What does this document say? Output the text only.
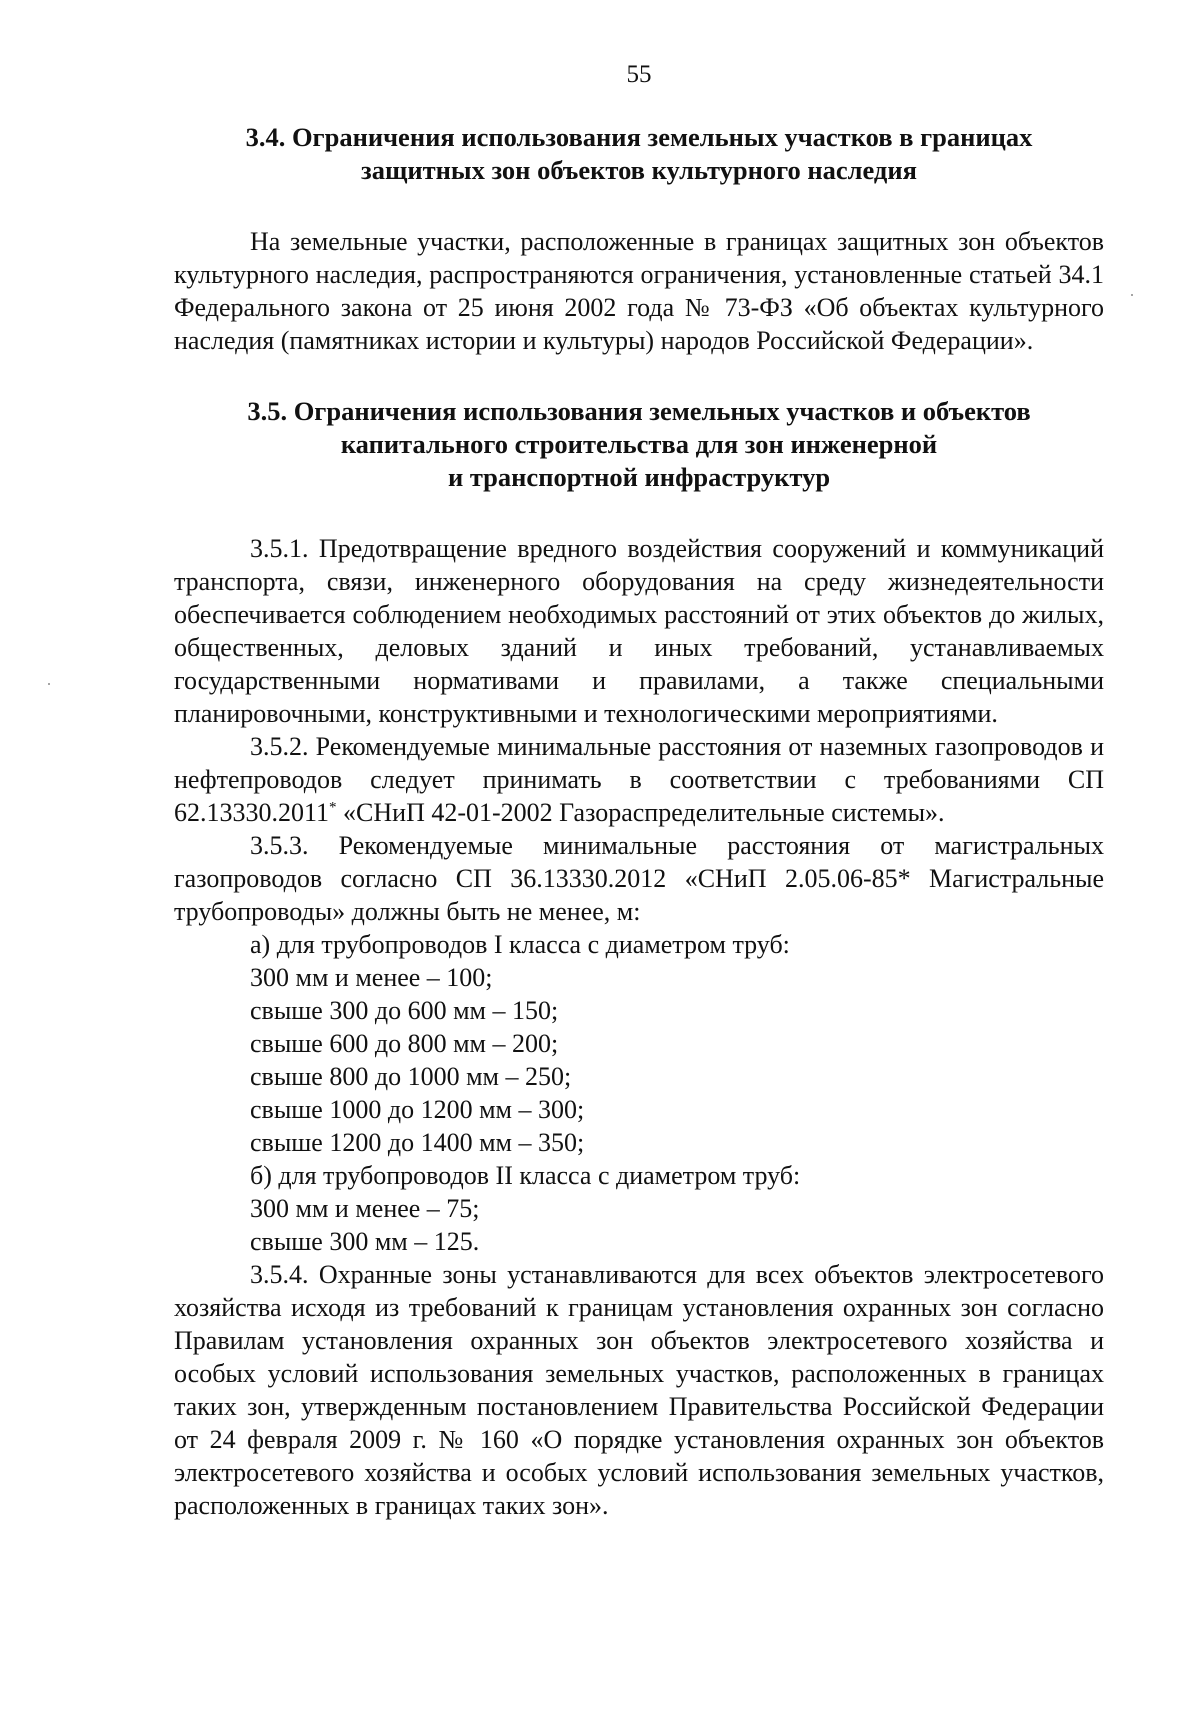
55
3.4. Ограничения использования земельных участков в границах
защитных зон объектов культурного наследия

На земельные участки, расположенные в границах защитных зон объектов культурного наследия, распространяются ограничения, установленные статьей 34.1 Федерального закона от 25 июня 2002 года № 73-ФЗ «Об объектах культурного наследия (памятниках истории и культуры) народов Российской Федерации».

3.5. Ограничения использования земельных участков и объектов
капитального строительства для зон инженерной
и транспортной инфраструктур

3.5.1. Предотвращение вредного воздействия сооружений и коммуникаций транспорта, связи, инженерного оборудования на среду жизнедеятельности обеспечивается соблюдением необходимых расстояний от этих объектов до жилых, общественных, деловых зданий и иных требований, устанавливаемых государственными нормативами и правилами, а также специальными планировочными, конструктивными и технологическими мероприятиями.

3.5.2. Рекомендуемые минимальные расстояния от наземных газопроводов и нефтепроводов следует принимать в соответствии с требованиями СП 62.13330.2011* «СНиП 42-01-2002 Газораспределительные системы».

3.5.3. Рекомендуемые минимальные расстояния от магистральных газопроводов согласно СП 36.13330.2012 «СНиП 2.05.06-85* Магистральные трубопроводы» должны быть не менее, м:

а) для трубопроводов I класса с диаметром труб:
300 мм и менее – 100;
свыше 300 до 600 мм – 150;
свыше 600 до 800 мм – 200;
свыше 800 до 1000 мм – 250;
свыше 1000 до 1200 мм – 300;
свыше 1200 до 1400 мм – 350;
б) для трубопроводов II класса с диаметром труб:
300 мм и менее – 75;
свыше 300 мм – 125.

3.5.4. Охранные зоны устанавливаются для всех объектов электросетевого хозяйства исходя из требований к границам установления охранных зон согласно Правилам установления охранных зон объектов электросетевого хозяйства и особых условий использования земельных участков, расположенных в границах таких зон, утвержденным постановлением Правительства Российской Федерации от 24 февраля 2009 г. № 160 «О порядке установления охранных зон объектов электросетевого хозяйства и особых условий использования земельных участков, расположенных в границах таких зон».
